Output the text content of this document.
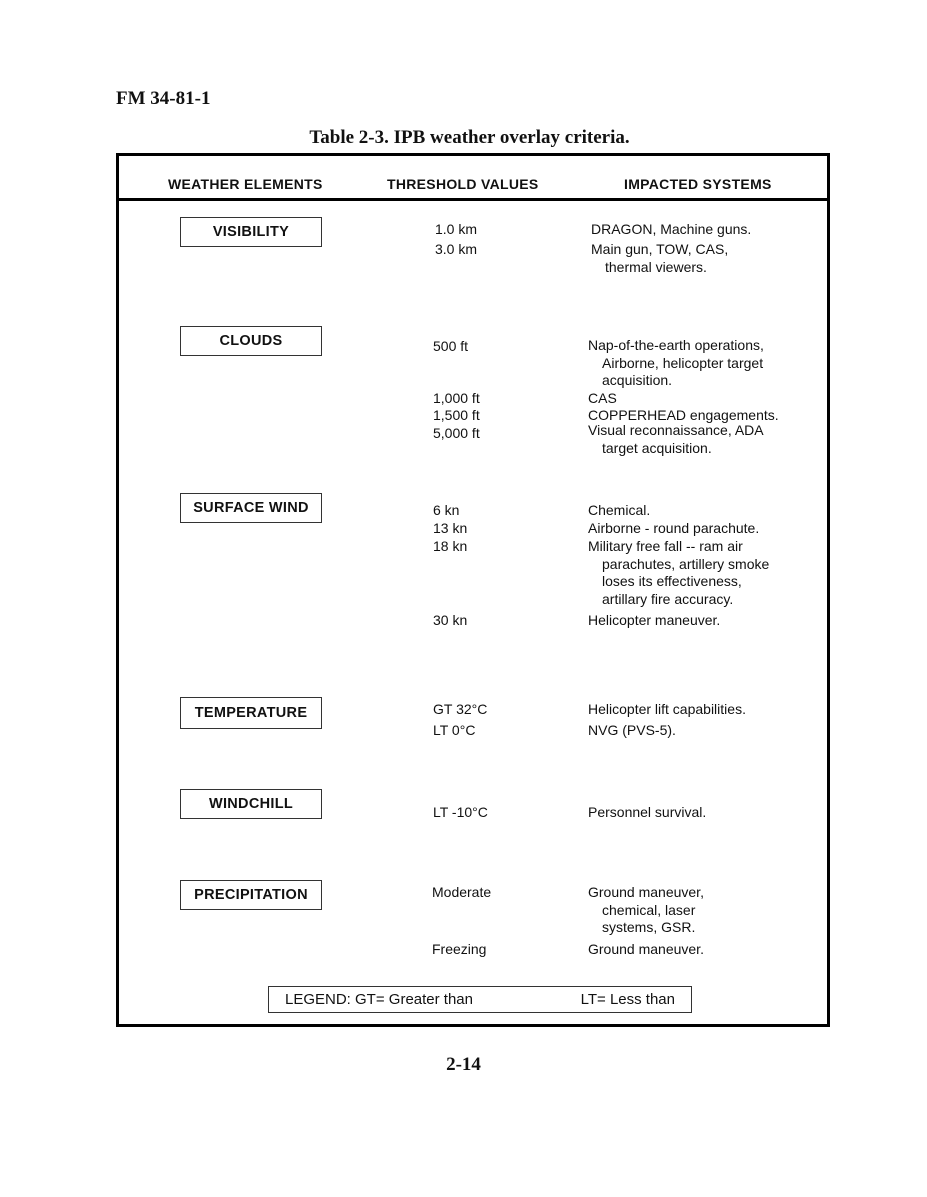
FM 34-81-1
Table 2-3. IPB weather overlay criteria.
WEATHER ELEMENTS	THRESHOLD VALUES	IMPACTED SYSTEMS
VISIBILITY	1.0 km	DRAGON, Machine guns.
3.0 km	Main gun, TOW, CAS,
thermal viewers.
CLOUDS	500 ft	Nap-of-the-earth operations,
Airborne, helicopter target
acquisition.
1,000 ft	CAS
1,500 ft	COPPERHEAD engagements.
5,000 ft	Visual reconnaissance, ADA
target acquisition.
SURFACE WIND	6 kn	Chemical.
13 kn	Airborne - round parachute.
18 kn	Military free fall -- ram air
parachutes, artillery smoke
loses its effectiveness,
artillary fire accuracy.
30 kn	Helicopter maneuver.
TEMPERATURE	GT 32°C	Helicopter lift capabilities.
LT 0°C	NVG (PVS-5).
WINDCHILL	LT -10°C	Personnel survival.
PRECIPITATION	Moderate	Ground maneuver,
chemical, laser
systems, GSR.
Freezing	Ground maneuver.
LEGEND: GT= Greater than	LT= Less than
2-14
